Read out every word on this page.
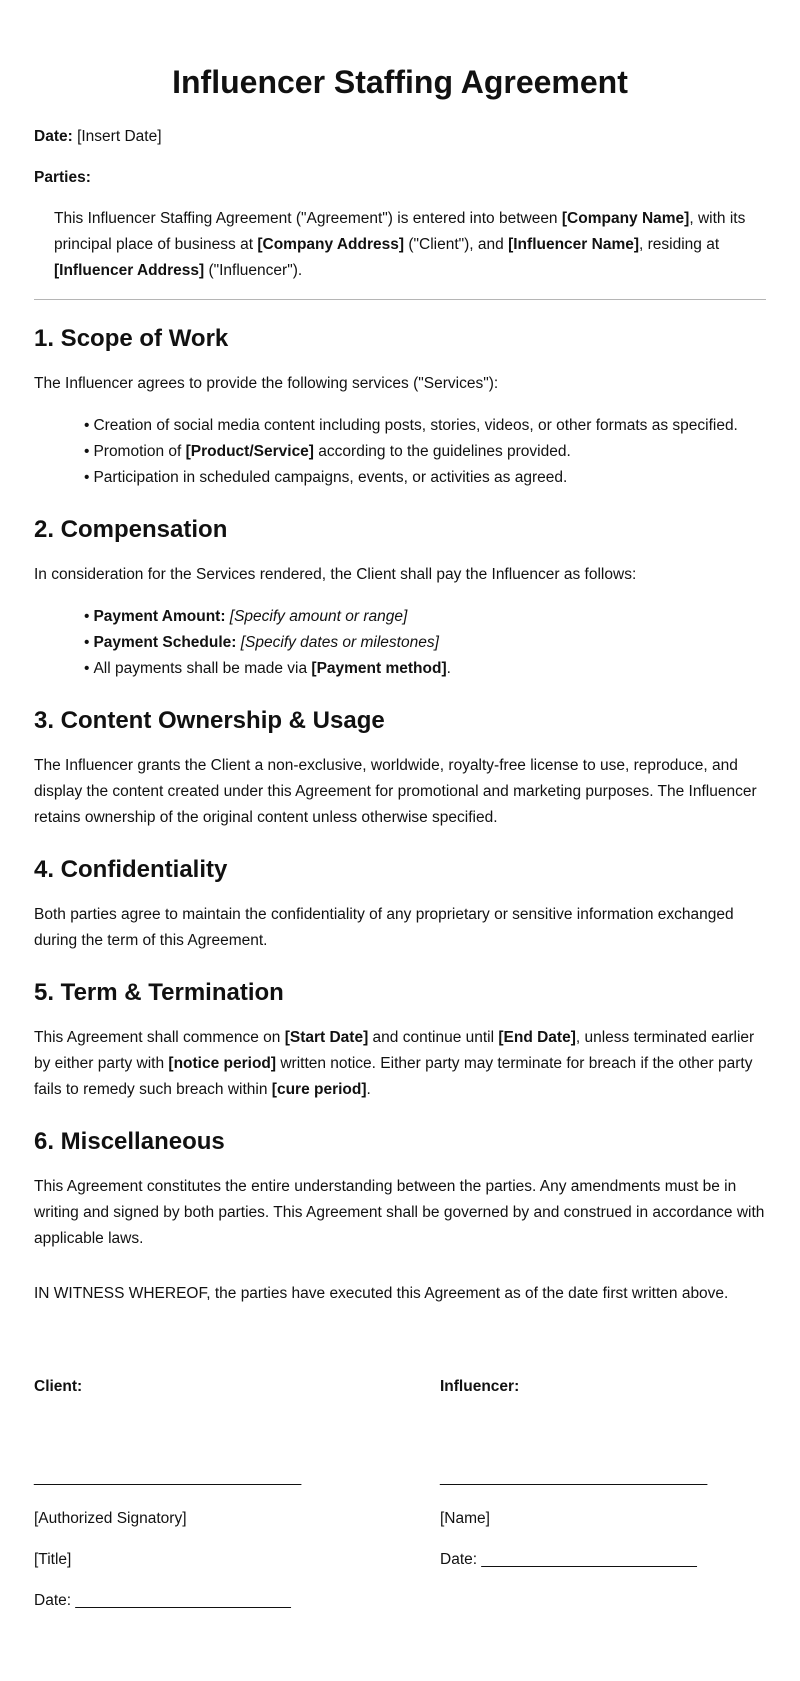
Influencer Staffing Agreement

Date: [Insert Date]

Parties:

This Influencer Staffing Agreement ("Agreement") is entered into between [Company Name], with its principal place of business at [Company Address] ("Client"), and [Influencer Name], residing at [Influencer Address] ("Influencer").

1. Scope of Work

The Influencer agrees to provide the following services ("Services"):

• Creation of social media content including posts, stories, videos, or other formats as specified.
• Promotion of [Product/Service] according to the guidelines provided.
• Participation in scheduled campaigns, events, or activities as agreed.
2. Compensation

In consideration for the Services rendered, the Client shall pay the Influencer as follows:

• Payment Amount: [Specify amount or range]
• Payment Schedule: [Specify dates or milestones]
• All payments shall be made via [Payment method].
3. Content Ownership & Usage

The Influencer grants the Client a non-exclusive, worldwide, royalty-free license to use, reproduce, and display the content created under this Agreement for promotional and marketing purposes. The Influencer retains ownership of the original content unless otherwise specified.

4. Confidentiality

Both parties agree to maintain the confidentiality of any proprietary or sensitive information exchanged during the term of this Agreement.

5. Term & Termination

This Agreement shall commence on [Start Date] and continue until [End Date], unless terminated earlier by either party with [notice period] written notice. Either party may terminate for breach if the other party fails to remedy such breach within [cure period].

6. Miscellaneous

This Agreement constitutes the entire understanding between the parties. Any amendments must be in writing and signed by both parties. This Agreement shall be governed by and construed in accordance with applicable laws.

IN WITNESS WHEREOF, the parties have executed this Agreement as of the date first written above.

Client:

_______________________________

[Authorized Signatory]

[Title]

Date: _________________________

Influencer:

_______________________________

[Name]

Date: _________________________
